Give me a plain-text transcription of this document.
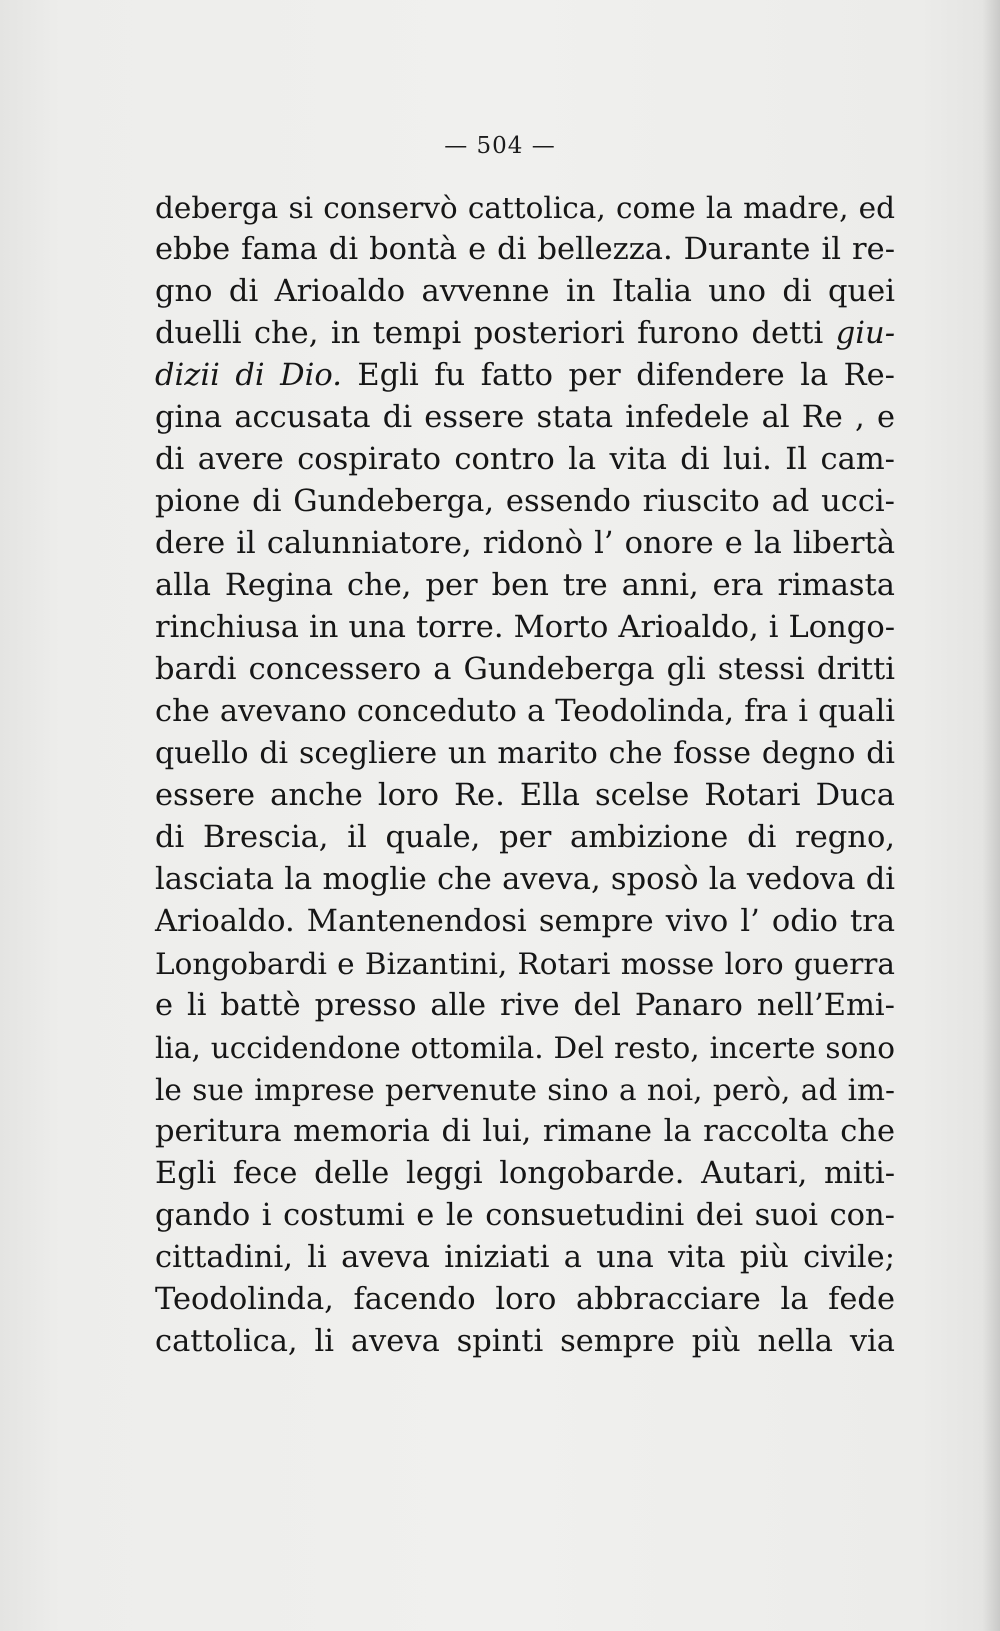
— 504 —
deberga si conservò cattolica, come la madre, ed
ebbe fama di bontà e di bellezza. Durante il re-
gno di Arioaldo avvenne in Italia uno di quei
duelli che, in tempi posteriori furono detti giu-
dizii di Dio. Egli fu fatto per difendere la Re-
gina accusata di essere stata infedele al Re , e
di avere cospirato contro la vita di lui. Il cam-
pione di Gundeberga, essendo riuscito ad ucci-
dere il calunniatore, ridonò l’ onore e la libertà
alla Regina che, per ben tre anni, era rimasta
rinchiusa in una torre. Morto Arioaldo, i Longo-
bardi concessero a Gundeberga gli stessi dritti
che avevano conceduto a Teodolinda, fra i quali
quello di scegliere un marito che fosse degno di
essere anche loro Re. Ella scelse Rotari Duca
di Brescia, il quale, per ambizione di regno,
lasciata la moglie che aveva, sposò la vedova di
Arioaldo. Mantenendosi sempre vivo l’ odio tra
Longobardi e Bizantini, Rotari mosse loro guerra
e li battè presso alle rive del Panaro nell’Emi-
lia, uccidendone ottomila. Del resto, incerte sono
le sue imprese pervenute sino a noi, però, ad im-
peritura memoria di lui, rimane la raccolta che
Egli fece delle leggi longobarde. Autari, miti-
gando i costumi e le consuetudini dei suoi con-
cittadini, li aveva iniziati a una vita più civile;
Teodolinda, facendo loro abbracciare la fede
cattolica, li aveva spinti sempre più nella via
